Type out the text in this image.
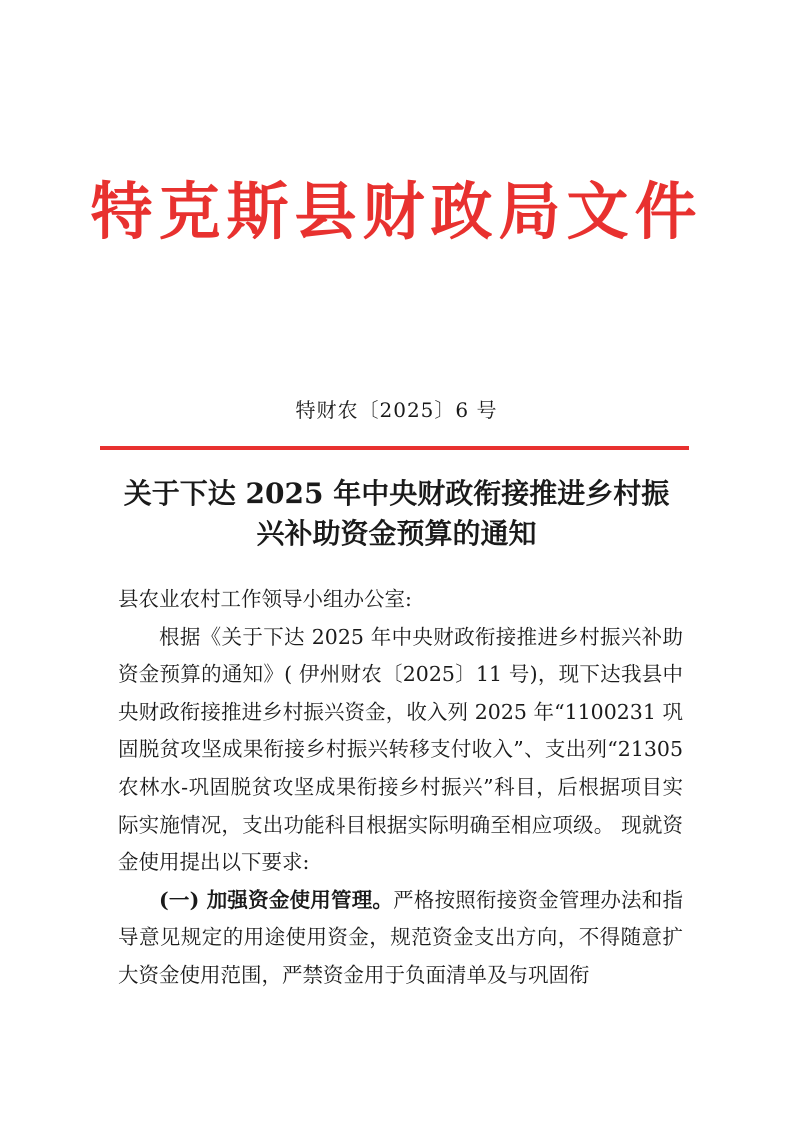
特克斯县财政局文件
特财农〔2025〕6 号
关于下达 2025 年中央财政衔接推进乡村振
兴补助资金预算的通知

县农业农村工作领导小组办公室:

根据《关于下达 2025 年中央财政衔接推进乡村振兴补助资金预算的通知》( 伊州财农〔2025〕11 号)，现下达我县中央财政衔接推进乡村振兴资金，收入列 2025 年“1100231 巩固脱贫攻坚成果衔接乡村振兴转移支付收入”、支出列“21305 农林水-巩固脱贫攻坚成果衔接乡村振兴”科目，后根据项目实际实施情况，支出功能科目根据实际明确至相应项级。 现就资金使用提出以下要求:

(一) 加强资金使用管理。严格按照衔接资金管理办法和指导意见规定的用途使用资金，规范资金支出方向，不得随意扩大资金使用范围，严禁资金用于负面清单及与巩固衔
